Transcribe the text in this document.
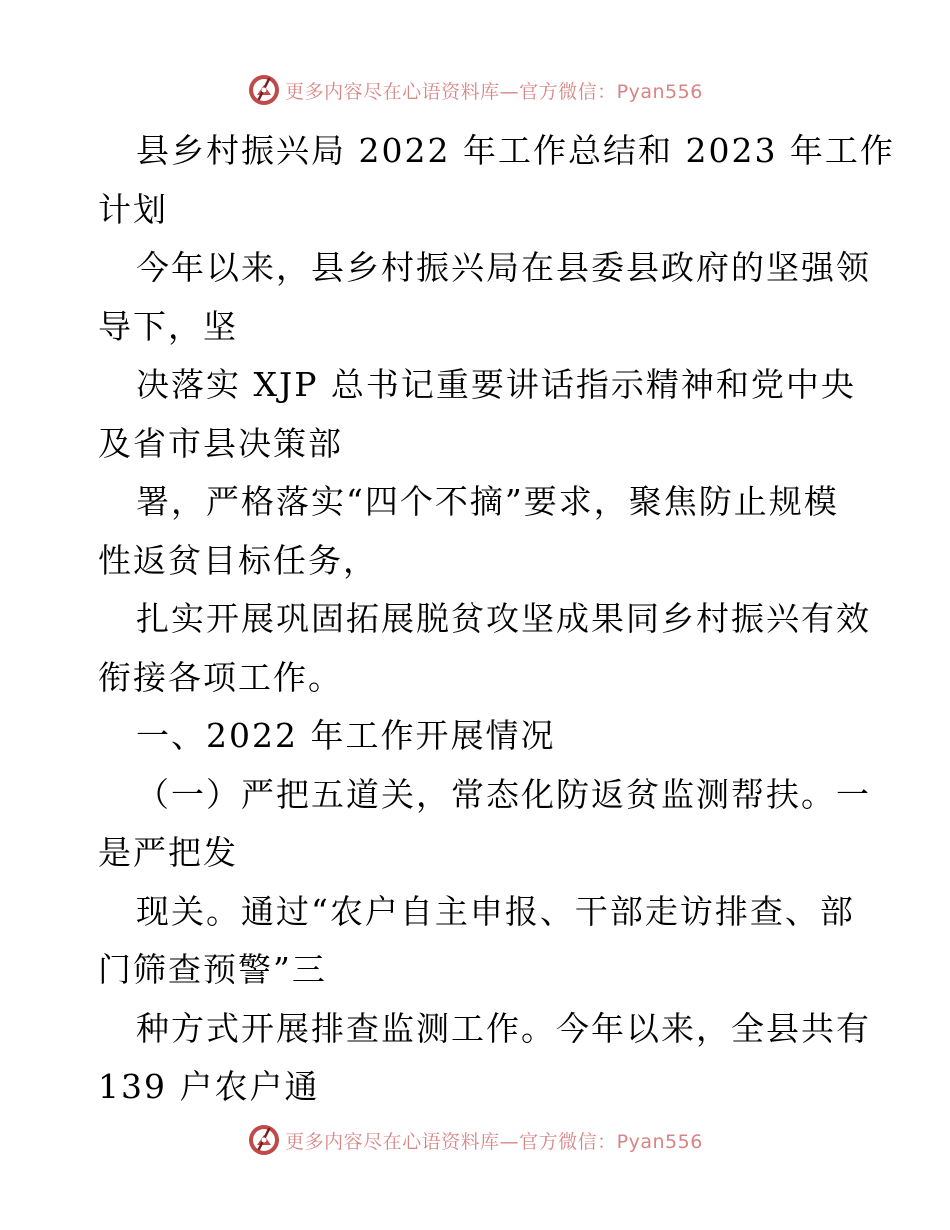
更多内容尽在心语资料库—官方微信：Pyan556
县乡村振兴局 2022 年工作总结和 2023 年工作
计划
今年以来，县乡村振兴局在县委县政府的坚强领
导下，坚
决落实 XJP 总书记重要讲话指示精神和党中央
及省市县决策部
署，严格落实“四个不摘”要求，聚焦防止规模
性返贫目标任务，
扎实开展巩固拓展脱贫攻坚成果同乡村振兴有效
衔接各项工作。
一、2022 年工作开展情况
（一）严把五道关，常态化防返贫监测帮扶。一
是严把发
现关。通过“农户自主申报、干部走访排查、部
门筛查预警”三
种方式开展排查监测工作。今年以来，全县共有
139 户农户通
更多内容尽在心语资料库—官方微信：Pyan556
